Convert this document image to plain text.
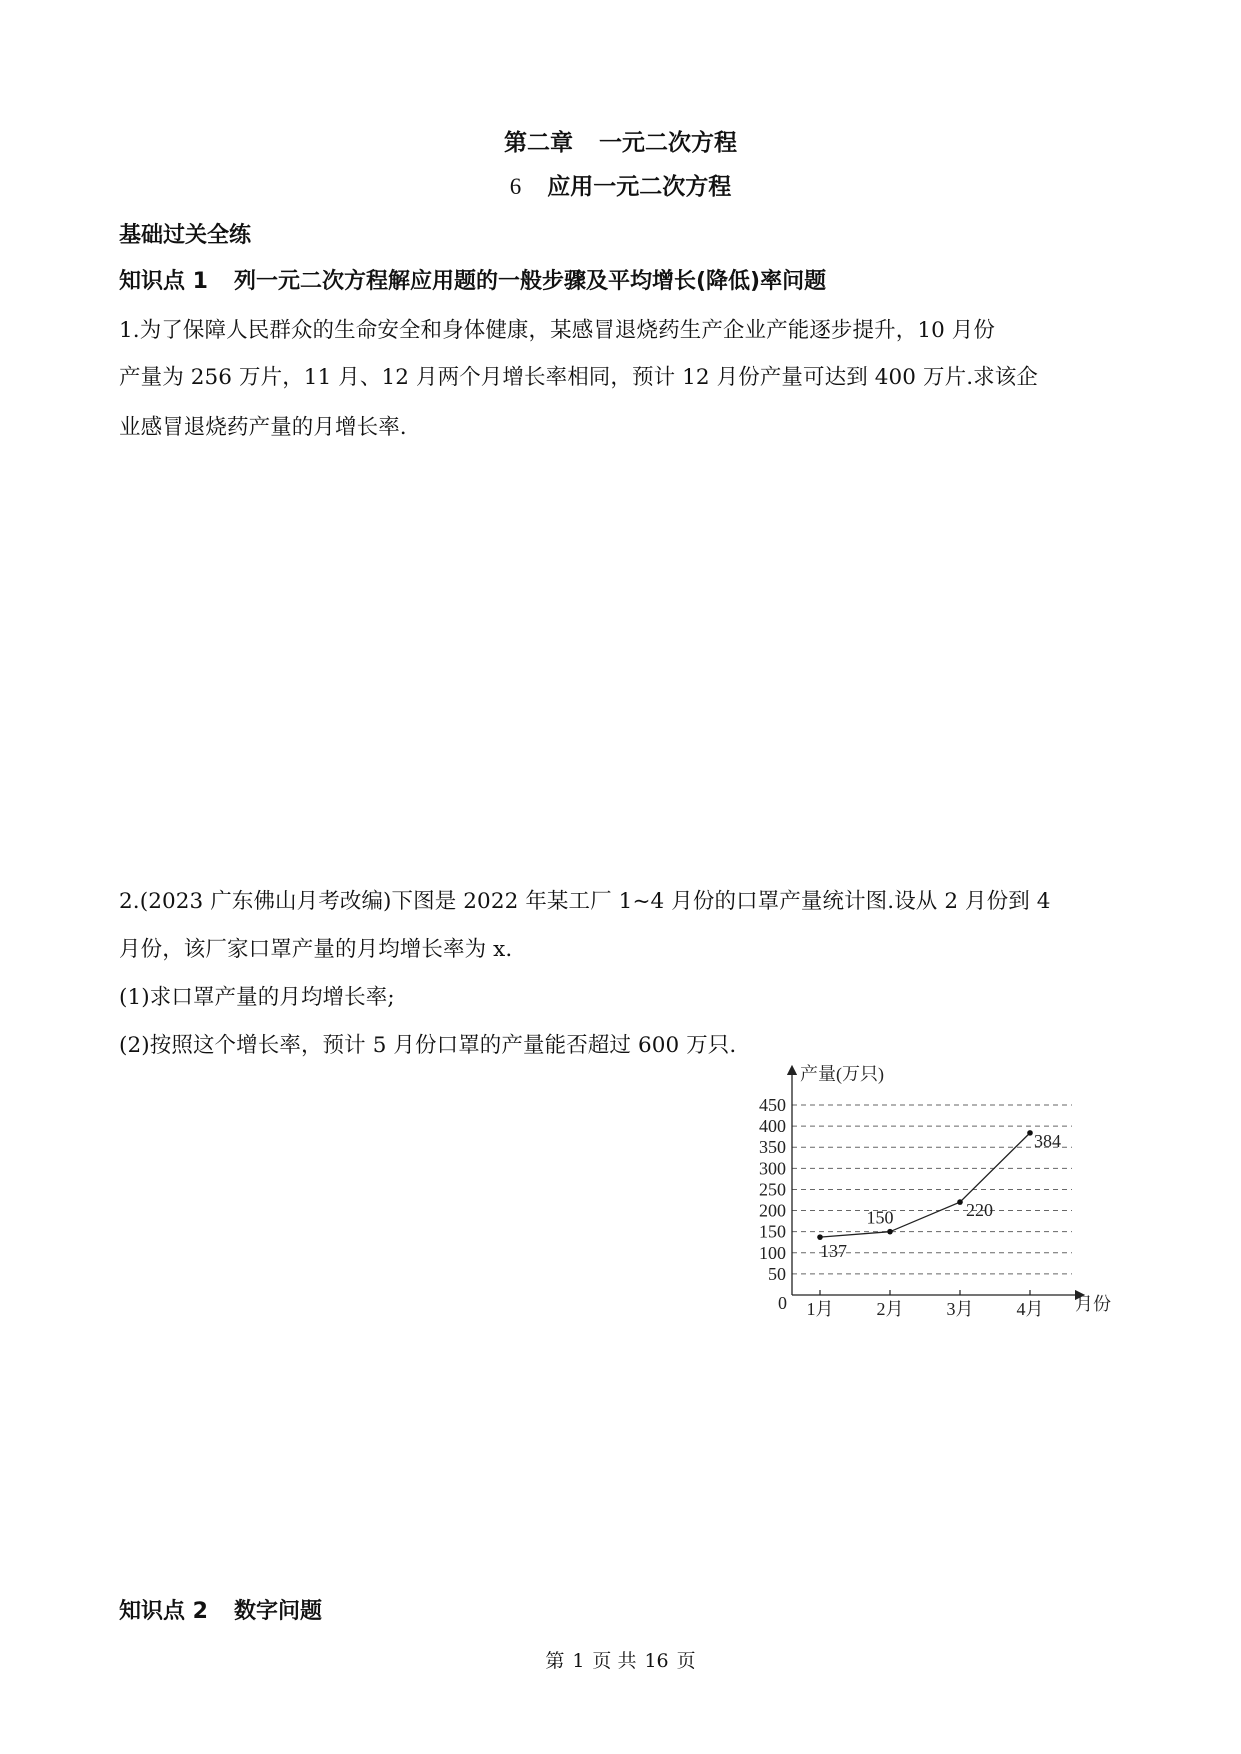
第二章 一元二次方程
6 应用一元二次方程
基础过关全练
知识点 1 列一元二次方程解应用题的一般步骤及平均增长(降低)率问题
1.为了保障人民群众的生命安全和身体健康，某感冒退烧药生产企业产能逐步提升，10 月份
产量为 256 万片，11 月、12 月两个月增长率相同，预计 12 月份产量可达到 400 万片.求该企
业感冒退烧药产量的月增长率.
2.(2023 广东佛山月考改编)下图是 2022 年某工厂 1~4 月份的口罩产量统计图.设从 2 月份到 4
月份，该厂家口罩产量的月均增长率为 x.
(1)求口罩产量的月均增长率;
(2)按照这个增长率，预计 5 月份口罩的产量能否超过 600 万只.
50
100
150
200
250
300
350
400
450
1月 2月 3月 4月
137
150	220
384
产量(万只)
月份
0
知识点 2 数字问题
第 1 页 共 16 页
